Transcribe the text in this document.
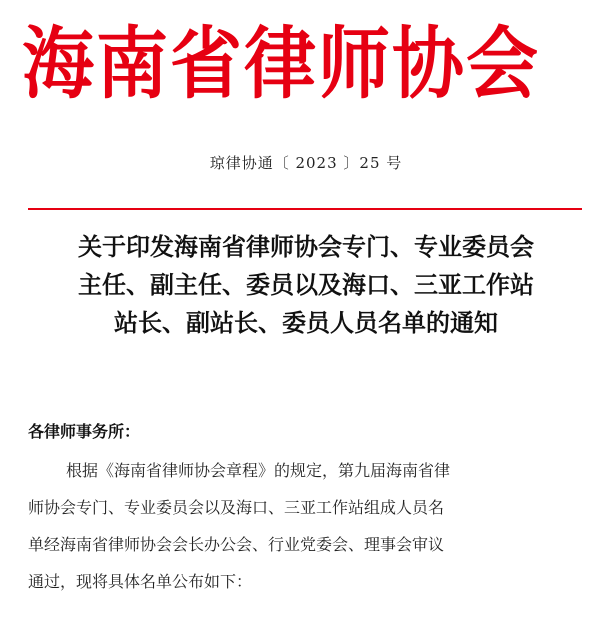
海南省律师协会
琼律协通〔 2023 〕25 号
关于印发海南省律师协会专门、专业委员会
主任、副主任、委员以及海口、三亚工作站
站长、副站长、委员人员名单的通知
各律师事务所：
根据《海南省律师协会章程》的规定，第九届海南省律
师协会专门、专业委员会以及海口、三亚工作站组成人员名
单经海南省律师协会会长办公会、行业党委会、理事会审议
通过，现将具体名单公布如下：
